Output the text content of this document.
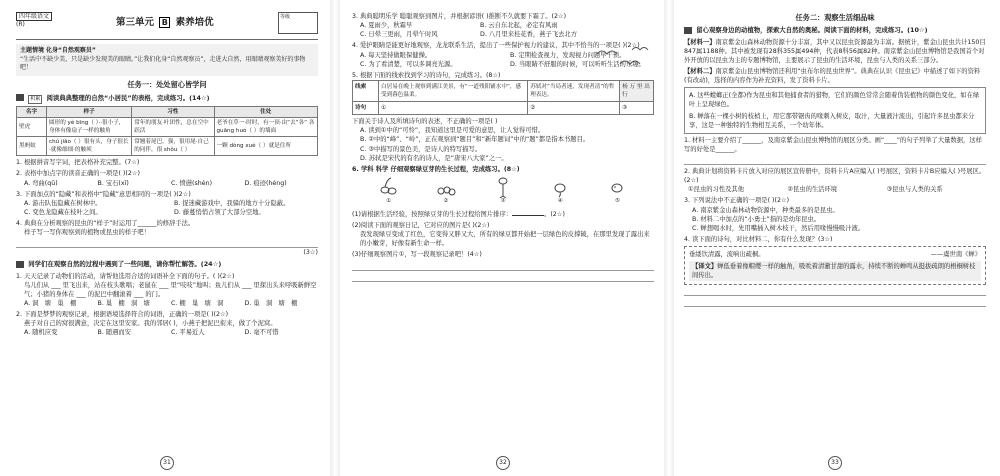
四年级语文
(R)	第三单元 B 素养培优	等级
主题情境 化身“自然观察员”
“生活中不缺少美，只是缺少发现美的眼睛。”让我们化身“自然观察员”，走进大自然，用眼睛观察美好的事物吧！
任务一：处处留心皆学问
积累 阅读典典整理的自然“小居民”的表格，完成练习。(14☆)
名字	样子	习性	住处
壁虎	圆形的 yè bīng（ ）··很小子，身体有像扇子一样的触角	常年的朋友·叶团性，总在空中跃活	老爷在草一·时时，有一顶·由“去“各“ 各 guāng huó（ ）的墙面
黑蚂蚁	chú jiǎo（ ）很有头，身子很长·就像细细·的触须	常翘着尾巴，强，很用尾·自己的同伴，很 shǒu（ ）	一颗 dòng xué（ ）就是住所
1. 根据拼音写字词，把表格补充完整。(7☆)
2. 表格中加点字的读音正确的一项是( )(2☆)
A. 弯曲(qū)	B. 宝石(xī)	C. 愤懑(shèn)	D. 痕迹(héng)
3. 下面加点的“隐藏”和表格中“隐藏”意思相同的一项是( )(2☆)
A. 游击队伍隐藏在树林中。	B. 捉迷藏游戏中，我躲的地方十分隐蔽。
C. 变色龙隐藏在枝叶之间。	D. 藤蔓悄悄占领了大部分空地。
4. 典典在分析观察的昆虫的“样子”时运用了______的修辞手法。
样子写一写你观察到的植物或昆虫的样子吧！
(3☆)
同学们在观察自然的过程中遇到了一些问题，请你帮忙解答。(24☆)
1. 天天记录了动物们的活动，请帮他选用合适的词语补全下面的句子。( )(2☆)
鸟儿们从 ___ 里飞出来，站在枝头歌唱；老鼠在 ___ 里“吱吱”地叫；鱼儿们从 ___ 里探出头来呼吸新鲜空气；小猪的身体在 ___ 的泥巴中翻滚着 ___ 的门。
A. 洞　塘　巢　棚	B. 巢　棚　洞　塘	C. 棚　巢　塘　洞	D. 巢　洞　塘　棚
2. 下面是梦梦的观察记录，根据语境选择符合的词语，正确的一项是( )(2☆)
燕子对自己的窝很满意，决定在这里安家。我的邻居( )，小燕子把泥巴衔来，做了个泥窝。
A. 随机应变	B. 随遇而安	C. 平易近人	D. 毫不可惜
31
3. 典典聪明乐学 聪聪观察到图片，并根据谚语( )推断不久就要下霜了。(2☆)
A. 夏雨少，秋霜早	B. 云自东北起，必定有风雨
C. 日晕三更雨，月晕午时风	D. 八月里来桂花香，燕子飞去北方
4. 爱护眼睛是能更好地观察，龙龙联系生活，提出了一些保护视力的建议，其中不恰当的一项是( )(2☆)
A. 每天坚持做眼保健操。	B. 定期检查视力，发现视力问题早干预。
C. 为了看清楚，可以多调亮光源。	D. 当眼睛不舒服的时候，可以听听生活的乐趣。
5. 根据下面的线索找到学习的诗句，完成练习。(8☆)
线索	白居易在晚上观察到满江美景，有“一道残阳铺水中”，感受到暮色温柔。	苏轼对“当局者迷，发现者清”的哲理表达。	杨 万 里 出 行
诗句	①	②	③
下面关于诗人及所填诗句的表述，不正确的一项是( )
A. 读到①中的“可怜”，我知道这里是可爱的意思，让人觉得可惜。
B. ②中的“峰”、“岭”，正在观察到“题目”和“新年题词”中的“题”都是指本书题目。
C. ③中描写的景色美，是诗人的特写描写。
D. 苏轼是宋代的有名的诗人，是“唐宋八大家”之一。
6. 学科 科学 仔细观察绿豆芽的生长过程，完成练习。(8☆)
①	②	③	④	⑤
(1)请根据生活经验，按照绿豆芽的生长过程给图片排序：	。(2☆)
(2)阅读下面的观察日记，它对应的图片是( )(2☆)
我发现绿豆变成了红色，它变得又胖又大，所有的绿豆都开始把一层绿色的皮撑破，在那里发现了露出来的小嫩芽，好像有新生命一样。
(3)仔细观察图片①，写一段观察记录吧！(4☆)
32
任务二：观察生活细品味
留心观察身边的动植物，探索大自然的奥秘。阅读下面的材料，完成练习。(10☆)
【材料一】南京紫金山森林动物资源十分丰富，其中又以昆虫资源最为丰富。据统计，紫金山昆虫共计150目847属1188种。其中被发现有28科355属494种，代表8科56属82种。南京紫金山昆虫博物馆是我国首个对外开放的以昆虫为主的专题博物馆，主要展示了昆虫的生活环境，昆虫与人类的关系三部分。
【材料二】南京紫金山昆虫博物馆还利用“虫布尔的昆虫世界”。典典在认识《昆虫记》中描述了如下的资料(有改动)，选择的内容作为补充资料，发了资料卡片。
A. 这些螳螂正(全都)作为昆虫和其他捕食者的猎物，它们的颜色常常会随着伪装植物的颜色变化，如在绿叶上呈现绿色。
B. 蝉落在一棵小树的枝梢上，用它那带锯齿的喙刺入树皮，取汁，大量液汁流出，引起许多昆虫都来分享，这是一种独特的生物相互关系，一个幼年体。
1. 材料一主要介绍了______，及南京紫金山昆虫博物馆的展区分类。画“____”的句子列举了大量数据，这样写的好处是______。
2. 典典计划将资料卡片放入对应的展区宣传册中，资料卡片A应编入( )号展区，资料卡片B应编入( )号展区。(2☆)
①昆虫的习性及其他	②昆虫的生活环境	③昆虫与人类的关系
3. 下列说法中不正确的一项是( )(2☆)
A. 南京紫金山森林动物资源中，种类最多的是昆虫。
B. 材料二中加点的“小勇士”指的是幼年昆虫。
C. 蝉想喝水时，先用嘴插入树木枝干，然后用喙慢慢吸汁液。
4. 读下面的诗句，对比材料二，你有什么发现？(3☆)
垂緌饮清露，流响出疏桐。	——虞世南《蝉》
【译文】蝉低垂着像帽缨一样的触角，吸吮着清澈甘甜的露水，持续不断的蝉鸣从挺拔疏朗的梧桐树枝间传出。
33
